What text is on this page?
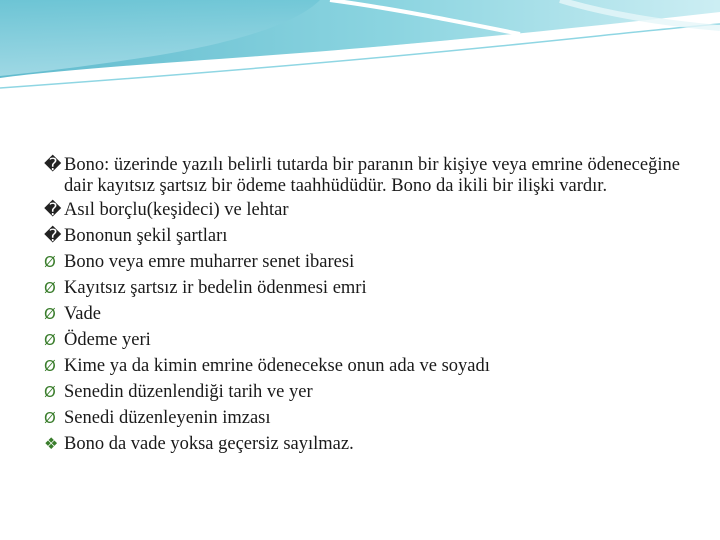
� Bono: üzerinde yazılı belirli tutarda bir paranın bir kişiye veya emrine ödeneceğine dair kayıtsız şartsız bir ödeme taahhüdüdür. Bono da ikili bir ilişki vardır.
� Asıl borçlu(keşideci) ve lehtar
� Bononun şekil şartları
Ø Bono veya emre muharrer senet ibaresi
Ø Kayıtsız şartsız ir bedelin ödenmesi emri
Ø Vade
Ø Ödeme yeri
Ø Kime ya da kimin emrine ödenecekse onun ada ve soyadı
Ø Senedin düzenlendiği tarih ve yer
Ø Senedi düzenleyenin imzası
❖ Bono da vade yoksa geçersiz sayılmaz.
